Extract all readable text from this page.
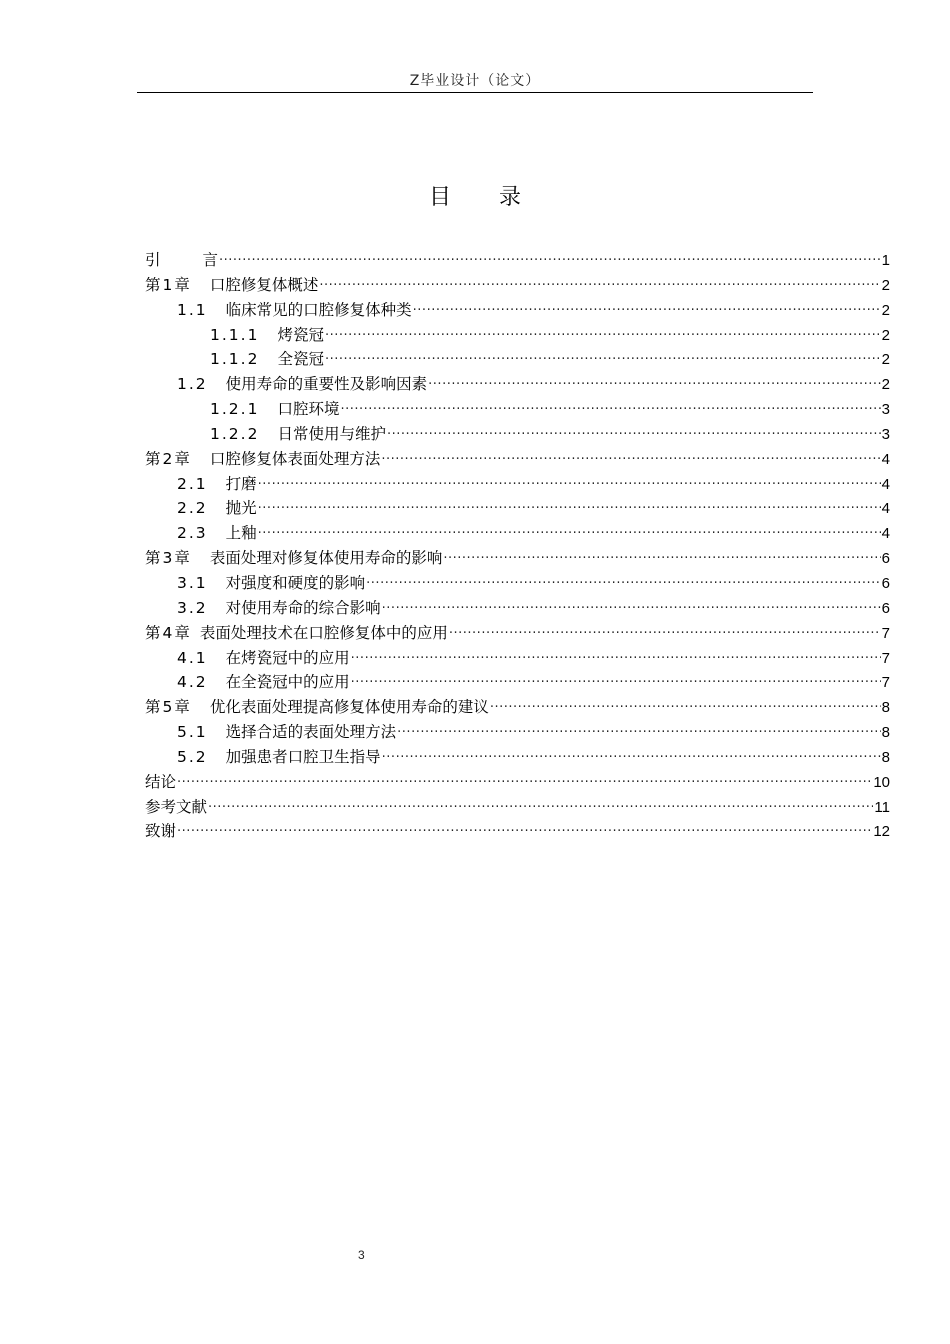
Z毕业设计（论文）
目 录
引	言 .....	1
第1章 口腔修复体概述 .....	2
1.1 临床常见的口腔修复体种类 .....	2
1.1.1 烤瓷冠 .....	2
1.1.2 全瓷冠 .....	2
1.2 使用寿命的重要性及影响因素 .....	2
1.2.1 口腔环境 .....	3
1.2.2 日常使用与维护 .....	3
第2章 口腔修复体表面处理方法 .....	4
2.1 打磨 .....	4
2.2 抛光 .....	4
2.3 上釉 .....	4
第3章 表面处理对修复体使用寿命的影响 .....	6
3.1 对强度和硬度的影响 .....	6
3.2 对使用寿命的综合影响 .....	6
第4章 表面处理技术在口腔修复体中的应用 .....	7
4.1 在烤瓷冠中的应用 .....	7
4.2 在全瓷冠中的应用 .....	7
第5章 优化表面处理提高修复体使用寿命的建议 .....	8
5.1 选择合适的表面处理方法 .....	8
5.2 加强患者口腔卫生指导 .....	8
结论 .....	10
参考文献 .....	11
致谢 .....	12
3
